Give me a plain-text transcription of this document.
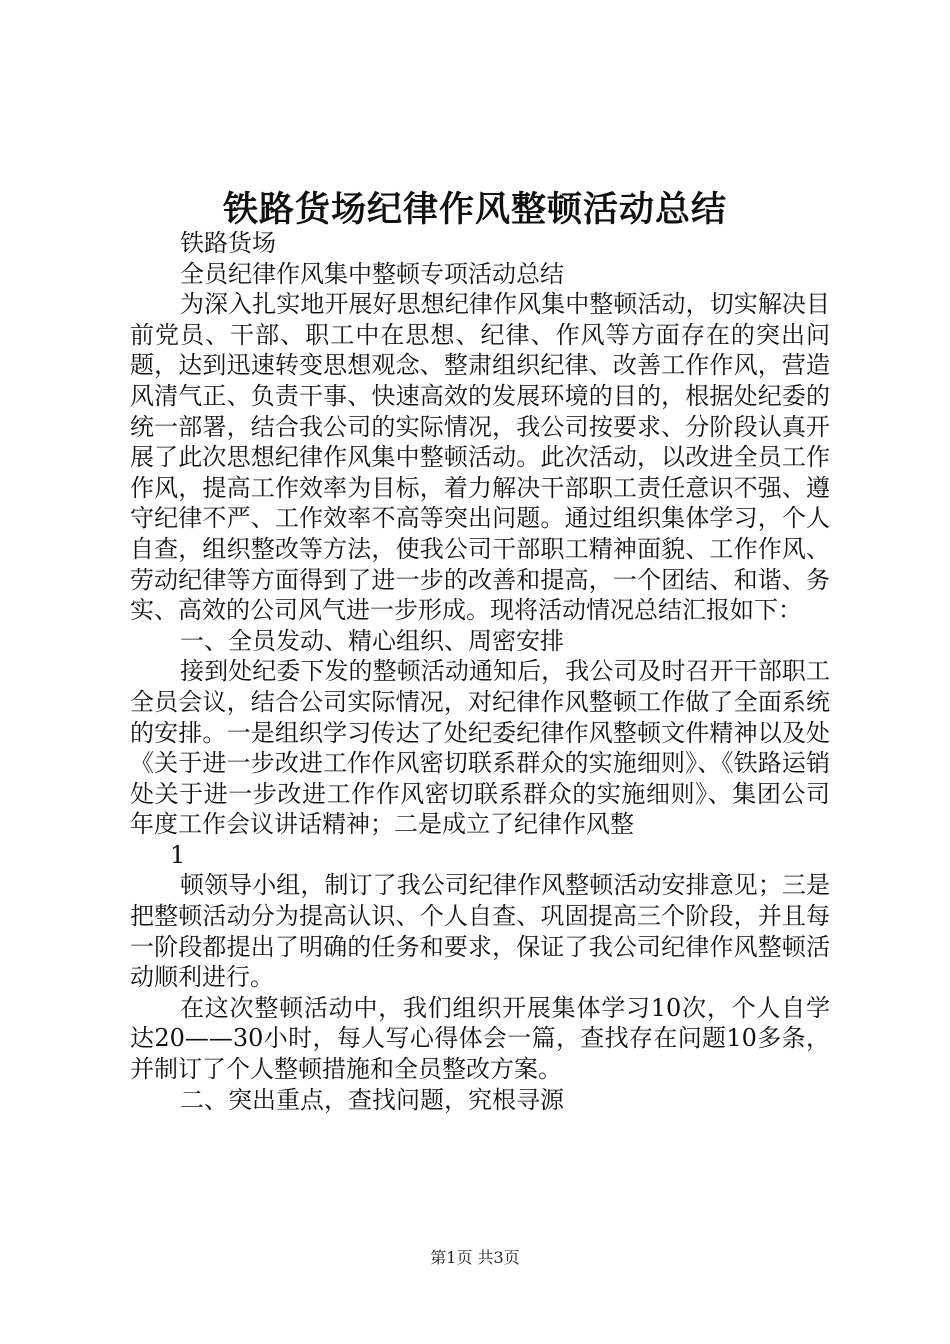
铁路货场纪律作风整顿活动总结

铁路货场

全员纪律作风集中整顿专项活动总结

为深入扎实地开展好思想纪律作风集中整顿活动，切实解决目前党员、干部、职工中在思想、纪律、作风等方面存在的突出问题，达到迅速转变思想观念、整肃组织纪律、改善工作作风，营造风清气正、负责干事、快速高效的发展环境的目的，根据处纪委的统一部署，结合我公司的实际情况，我公司按要求、分阶段认真开展了此次思想纪律作风集中整顿活动。此次活动，以改进全员工作作风，提高工作效率为目标，着力解决干部职工责任意识不强、遵守纪律不严、工作效率不高等突出问题。通过组织集体学习，个人自查，组织整改等方法，使我公司干部职工精神面貌、工作作风、劳动纪律等方面得到了进一步的改善和提高，一个团结、和谐、务实、高效的公司风气进一步形成。现将活动情况总结汇报如下：

一、全员发动、精心组织、周密安排

接到处纪委下发的整顿活动通知后，我公司及时召开干部职工全员会议，结合公司实际情况，对纪律作风整顿工作做了全面系统的安排。一是组织学习传达了处纪委纪律作风整顿文件精神以及处《关于进一步改进工作作风密切联系群众的实施细则》、《铁路运销处关于进一步改进工作作风密切联系群众的实施细则》、集团公司年度工作会议讲话精神；二是成立了纪律作风整

1

顿领导小组，制订了我公司纪律作风整顿活动安排意见；三是把整顿活动分为提高认识、个人自查、巩固提高三个阶段，并且每一阶段都提出了明确的任务和要求，保证了我公司纪律作风整顿活动顺利进行。

在这次整顿活动中，我们组织开展集体学习10次，个人自学达20——30小时，每人写心得体会一篇，查找存在问题10多条，并制订了个人整顿措施和全员整改方案。

二、突出重点，查找问题，究根寻源

第1页 共3页
